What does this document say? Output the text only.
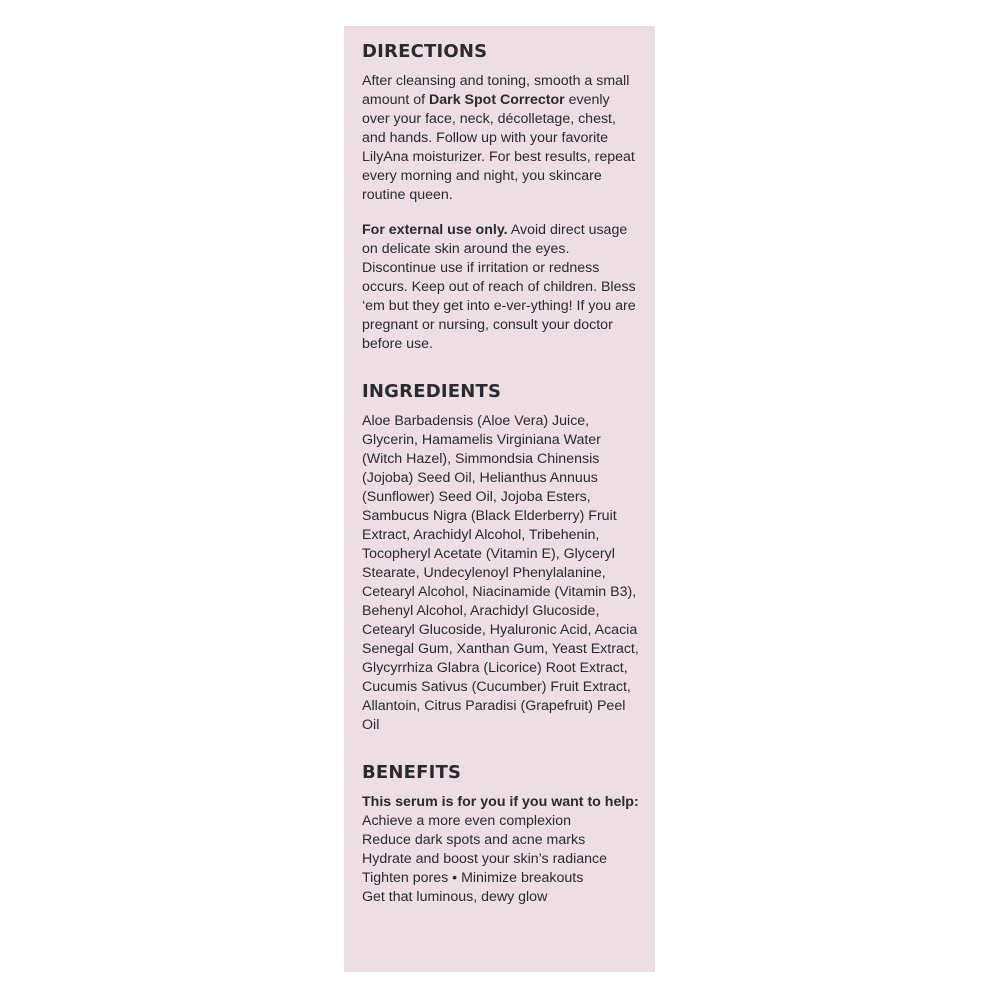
DIRECTIONS

After cleansing and toning, smooth a small amount of Dark Spot Corrector evenly over your face, neck, décolletage, chest, and hands. Follow up with your favorite LilyAna moisturizer. For best results, repeat every morning and night, you skincare routine queen.

For external use only. Avoid direct usage on delicate skin around the eyes. Discontinue use if irritation or redness occurs. Keep out of reach of children. Bless ‘em but they get into e-ver-ything! If you are pregnant or nursing, consult your doctor before use.

INGREDIENTS

Aloe Barbadensis (Aloe Vera) Juice, Glycerin, Hamamelis Virginiana Water (Witch Hazel), Simmondsia Chinensis (Jojoba) Seed Oil, Helianthus Annuus (Sunflower) Seed Oil, Jojoba Esters, Sambucus Nigra (Black Elderberry) Fruit Extract, Arachidyl Alcohol, Tribehenin, Tocopheryl Acetate (Vitamin E), Glyceryl Stearate, Undecylenoyl Phenylalanine, Cetearyl Alcohol, Niacinamide (Vitamin B3), Behenyl Alcohol, Arachidyl Glucoside, Cetearyl Glucoside, Hyaluronic Acid, Acacia Senegal Gum, Xanthan Gum, Yeast Extract, Glycyrrhiza Glabra (Licorice) Root Extract, Cucumis Sativus (Cucumber) Fruit Extract, Allantoin, Citrus Paradisi (Grapefruit) Peel Oil

BENEFITS

This serum is for you if you want to help: Achieve a more even complexion
Reduce dark spots and acne marks
Hydrate and boost your skin’s radiance
Tighten pores • Minimize breakouts
Get that luminous, dewy glow
